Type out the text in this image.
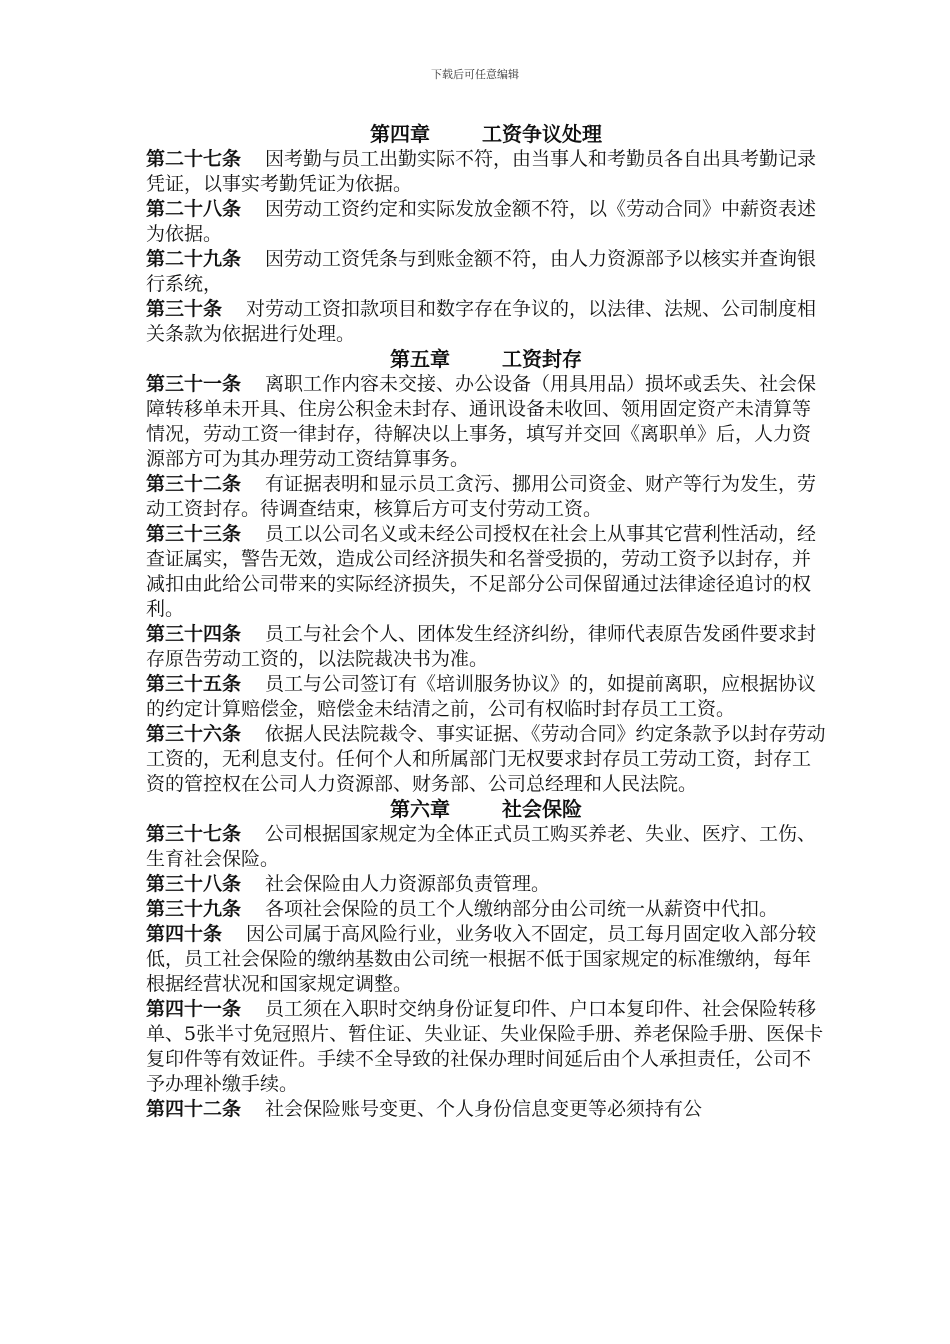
下载后可任意编辑
第四章	工资争议处理

第二十七条 因考勤与员工出勤实际不符，由当事人和考勤员各自出具考勤记录凭证，以事实考勤凭证为依据。

第二十八条 因劳动工资约定和实际发放金额不符，以《劳动合同》中薪资表述为依据。

第二十九条 因劳动工资凭条与到账金额不符，由人力资源部予以核实并查询银行系统，

第三十条 对劳动工资扣款项目和数字存在争议的，以法律、法规、公司制度相关条款为依据进行处理。

第五章	工资封存

第三十一条 离职工作内容未交接、办公设备（用具用品）损坏或丢失、社会保障转移单未开具、住房公积金未封存、通讯设备未收回、领用固定资产未清算等情况，劳动工资一律封存，待解决以上事务，填写并交回《离职单》后，人力资源部方可为其办理劳动工资结算事务。

第三十二条 有证据表明和显示员工贪污、挪用公司资金、财产等行为发生，劳动工资封存。待调查结束，核算后方可支付劳动工资。

第三十三条 员工以公司名义或未经公司授权在社会上从事其它营利性活动，经查证属实，警告无效，造成公司经济损失和名誉受损的，劳动工资予以封存，并减扣由此给公司带来的实际经济损失，不足部分公司保留通过法律途径追讨的权利。

第三十四条 员工与社会个人、团体发生经济纠纷，律师代表原告发函件要求封存原告劳动工资的，以法院裁决书为准。

第三十五条 员工与公司签订有《培训服务协议》的，如提前离职，应根据协议的约定计算赔偿金，赔偿金未结清之前，公司有权临时封存员工工资。

第三十六条 依据人民法院裁令、事实证据、《劳动合同》约定条款予以封存劳动工资的，无利息支付。任何个人和所属部门无权要求封存员工劳动工资，封存工资的管控权在公司人力资源部、财务部、公司总经理和人民法院。

第六章	社会保险

第三十七条 公司根据国家规定为全体正式员工购买养老、失业、医疗、工伤、生育社会保险。

第三十八条 社会保险由人力资源部负责管理。

第三十九条 各项社会保险的员工个人缴纳部分由公司统一从薪资中代扣。

第四十条 因公司属于高风险行业，业务收入不固定，员工每月固定收入部分较低，员工社会保险的缴纳基数由公司统一根据不低于国家规定的标准缴纳，每年根据经营状况和国家规定调整。

第四十一条 员工须在入职时交纳身份证复印件、户口本复印件、社会保险转移单、5张半寸免冠照片、暂住证、失业证、失业保险手册、养老保险手册、医保卡复印件等有效证件。手续不全导致的社保办理时间延后由个人承担责任，公司不予办理补缴手续。

第四十二条 社会保险账号变更、个人身份信息变更等必须持有公
